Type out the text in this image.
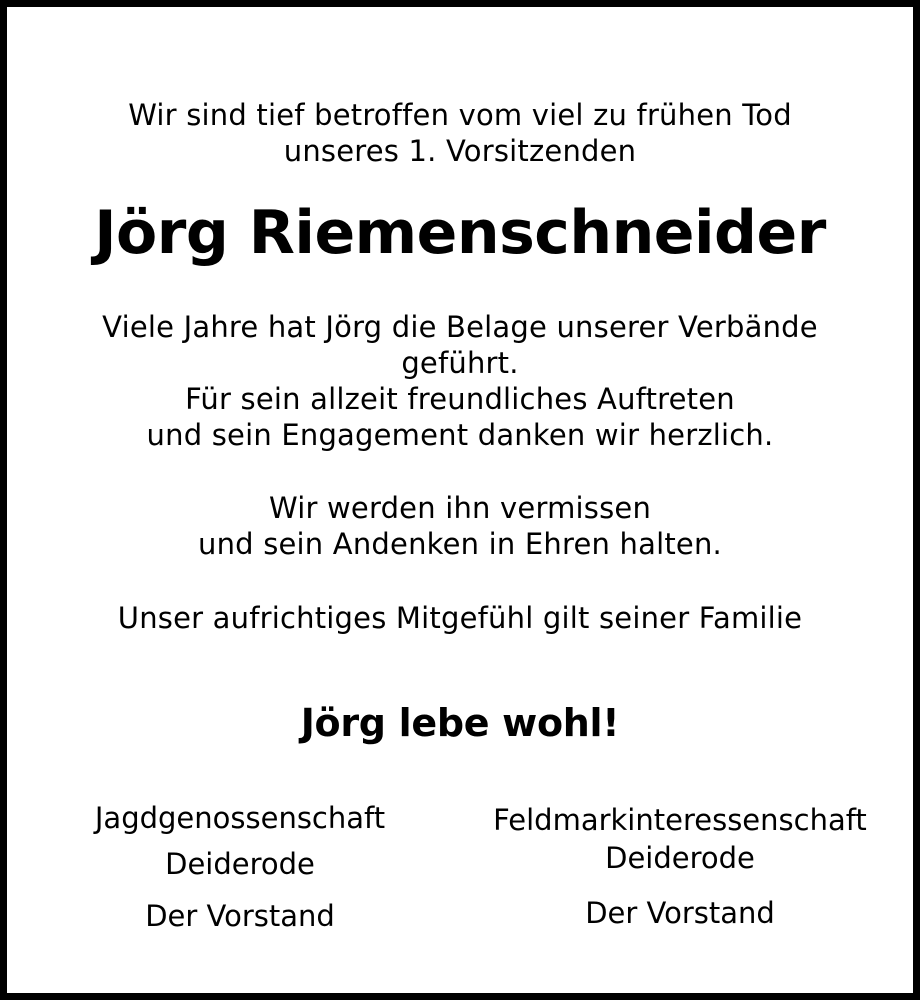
Wir sind tief betroffen vom viel zu frühen Tod
unseres 1. Vorsitzenden
Jörg Riemenschneider
Viele Jahre hat Jörg die Belage unserer Verbände
geführt.
Für sein allzeit freundliches Auftreten
und sein Engagement danken wir herzlich.
Wir werden ihn vermissen
und sein Andenken in Ehren halten.
Unser aufrichtiges Mitgefühl gilt seiner Familie
Jörg lebe wohl!
Jagdgenossenschaft
Deiderode
Der Vorstand
Feldmarkinteressenschaft
Deiderode
Der Vorstand
